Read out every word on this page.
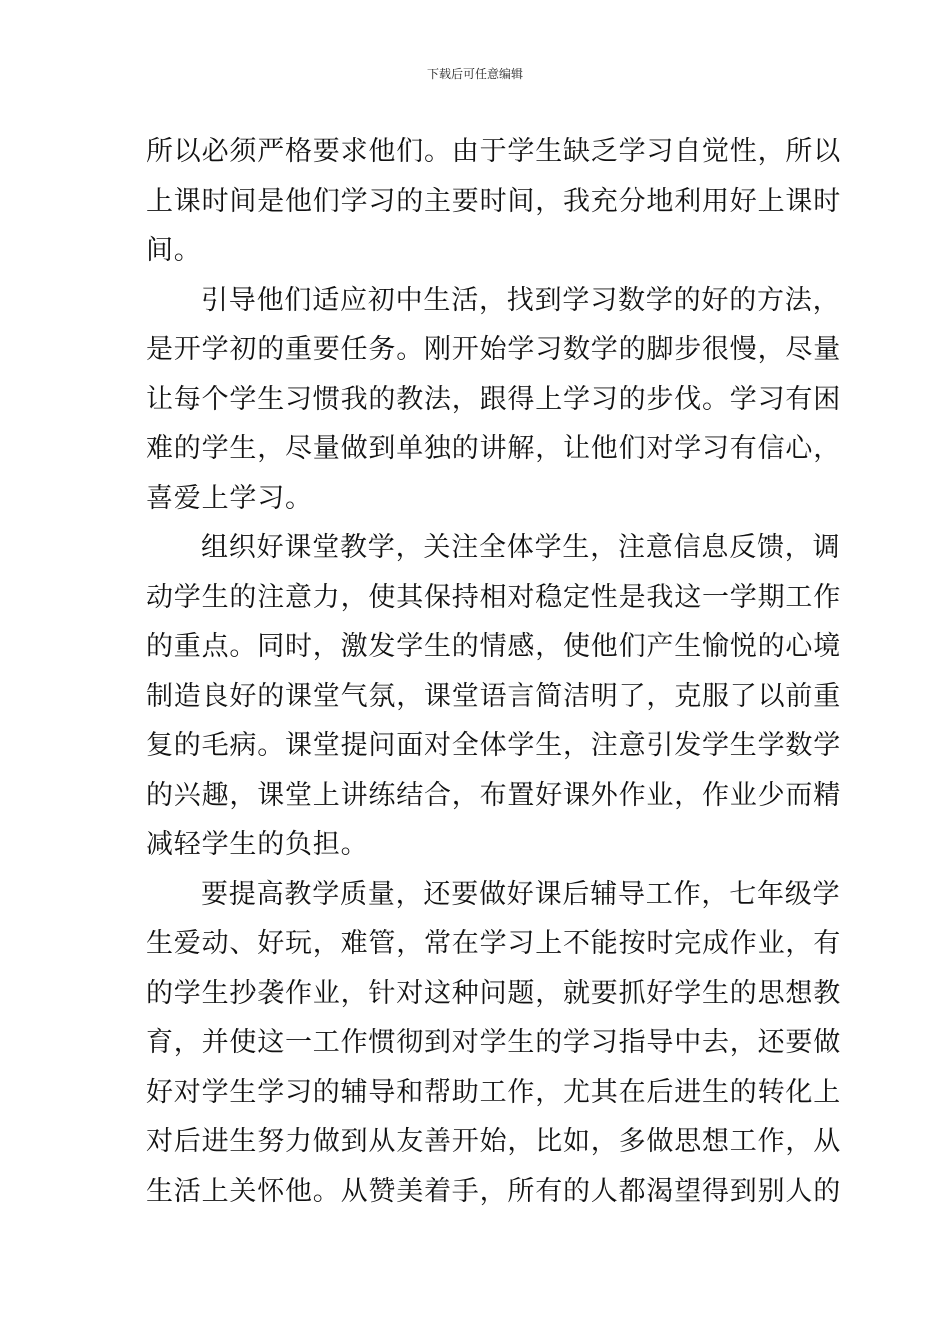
下载后可任意编辑
所以必须严格要求他们。由于学生缺乏学习自觉性，所以
上课时间是他们学习的主要时间，我充分地利用好上课时
间。
引导他们适应初中生活，找到学习数学的好的方法，
是开学初的重要任务。刚开始学习数学的脚步很慢，尽量
让每个学生习惯我的教法，跟得上学习的步伐。学习有困
难的学生，尽量做到单独的讲解，让他们对学习有信心，
喜爱上学习。
组织好课堂教学，关注全体学生，注意信息反馈，调
动学生的注意力，使其保持相对稳定性是我这一学期工作
的重点。同时，激发学生的情感，使他们产生愉悦的心境
制造良好的课堂气氛，课堂语言简洁明了，克服了以前重
复的毛病。课堂提问面对全体学生，注意引发学生学数学
的兴趣，课堂上讲练结合，布置好课外作业，作业少而精
减轻学生的负担。
要提高教学质量，还要做好课后辅导工作，七年级学
生爱动、好玩，难管，常在学习上不能按时完成作业，有
的学生抄袭作业，针对这种问题，就要抓好学生的思想教
育，并使这一工作惯彻到对学生的学习指导中去，还要做
好对学生学习的辅导和帮助工作，尤其在后进生的转化上
对后进生努力做到从友善开始，比如，多做思想工作，从
生活上关怀他。从赞美着手，所有的人都渴望得到别人的
